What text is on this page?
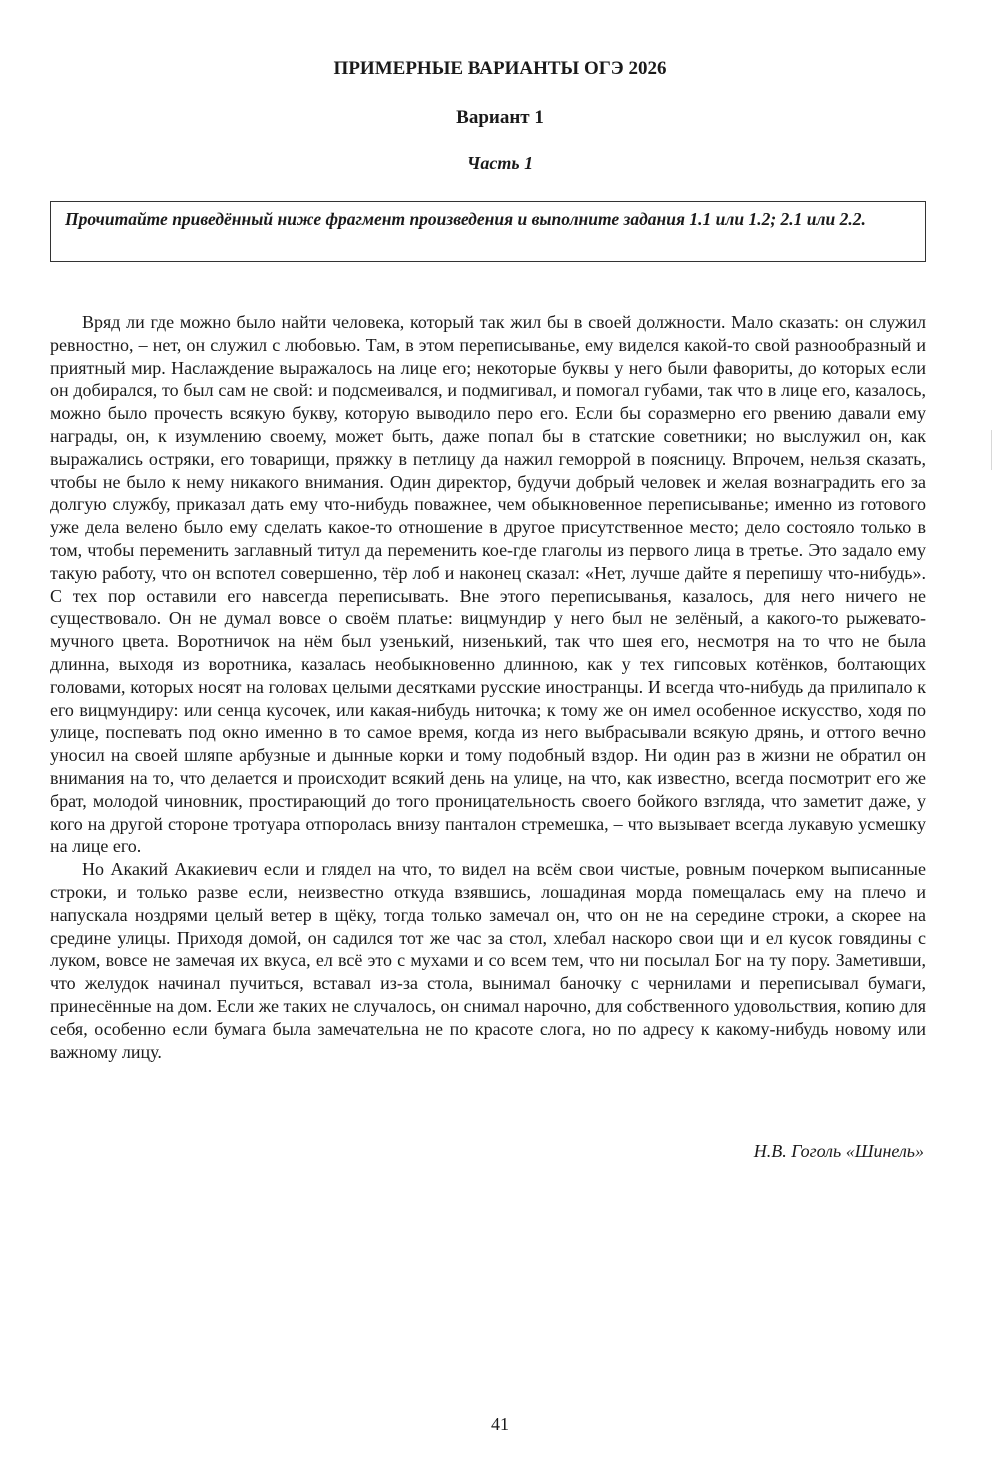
ПРИМЕРНЫЕ ВАРИАНТЫ ОГЭ 2026
Вариант 1
Часть 1

Прочитайте приведённый ниже фрагмент произведения и выполните задания 1.1 или 1.2; 2.1 или 2.2.

Вряд ли где можно было найти человека, который так жил бы в своей должности. Мало сказать: он служил ревностно, – нет, он служил с любовью. Там, в этом переписыванье, ему виделся какой-то свой разнообразный и приятный мир. Наслаждение выражалось на лице его; некоторые буквы у него были фавориты, до которых если он добирался, то был сам не свой: и подсмеивался, и подмигивал, и помогал губами, так что в лице его, казалось, можно было прочесть всякую букву, которую выводило перо его. Если бы соразмерно его рвению давали ему награды, он, к изумлению своему, может быть, даже попал бы в статские советники; но выслужил он, как выражались остряки, его товарищи, пряжку в петлицу да нажил геморрой в поясницу. Впрочем, нельзя сказать, чтобы не было к нему никакого внимания. Один директор, будучи добрый человек и желая вознаградить его за долгую службу, приказал дать ему что-нибудь поважнее, чем обыкновенное переписыванье; именно из готового уже дела велено было ему сделать какое-то отношение в другое присутственное место; дело состояло только в том, чтобы переменить заглавный титул да переменить кое-где глаголы из первого лица в третье. Это задало ему такую работу, что он вспотел совершенно, тёр лоб и наконец сказал: «Нет, лучше дайте я перепишу что-нибудь». С тех пор оставили его навсегда переписывать. Вне этого переписыванья, казалось, для него ничего не существовало. Он не думал вовсе о своём платье: вицмундир у него был не зелёный, а какого-то рыжевато-мучного цвета. Воротничок на нём был узенький, низенький, так что шея его, несмотря на то что не была длинна, выходя из воротника, казалась необыкновенно длинною, как у тех гипсовых котёнков, болтающих головами, которых носят на головах целыми десятками русские иностранцы. И всегда что-нибудь да прилипало к его вицмундиру: или сенца кусочек, или какая-нибудь ниточка; к тому же он имел особенное искусство, ходя по улице, поспевать под окно именно в то самое время, когда из него выбрасывали всякую дрянь, и оттого вечно уносил на своей шляпе арбузные и дынные корки и тому подобный вздор. Ни один раз в жизни не обратил он внимания на то, что делается и происходит всякий день на улице, на что, как известно, всегда посмотрит его же брат, молодой чиновник, простирающий до того проницательность своего бойкого взгляда, что заметит даже, у кого на другой стороне тротуара отпоролась внизу панталон стремешка, – что вызывает всегда лукавую усмешку на лице его.

Но Акакий Акакиевич если и глядел на что, то видел на всём свои чистые, ровным почерком выписанные строки, и только разве если, неизвестно откуда взявшись, лошадиная морда помещалась ему на плечо и напускала ноздрями целый ветер в щёку, тогда только замечал он, что он не на середине строки, а скорее на средине улицы. Приходя домой, он садился тот же час за стол, хлебал наскоро свои щи и ел кусок говядины с луком, вовсе не замечая их вкуса, ел всё это с мухами и со всем тем, что ни посылал Бог на ту пору. Заметивши, что желудок начинал пучиться, вставал из-за стола, вынимал баночку с чернилами и переписывал бумаги, принесённые на дом. Если же таких не случалось, он снимал нарочно, для собственного удовольствия, копию для себя, особенно если бумага была замечательна не по красоте слога, но по адресу к какому-нибудь новому или важному лицу.

Н.В. Гоголь «Шинель»

41
